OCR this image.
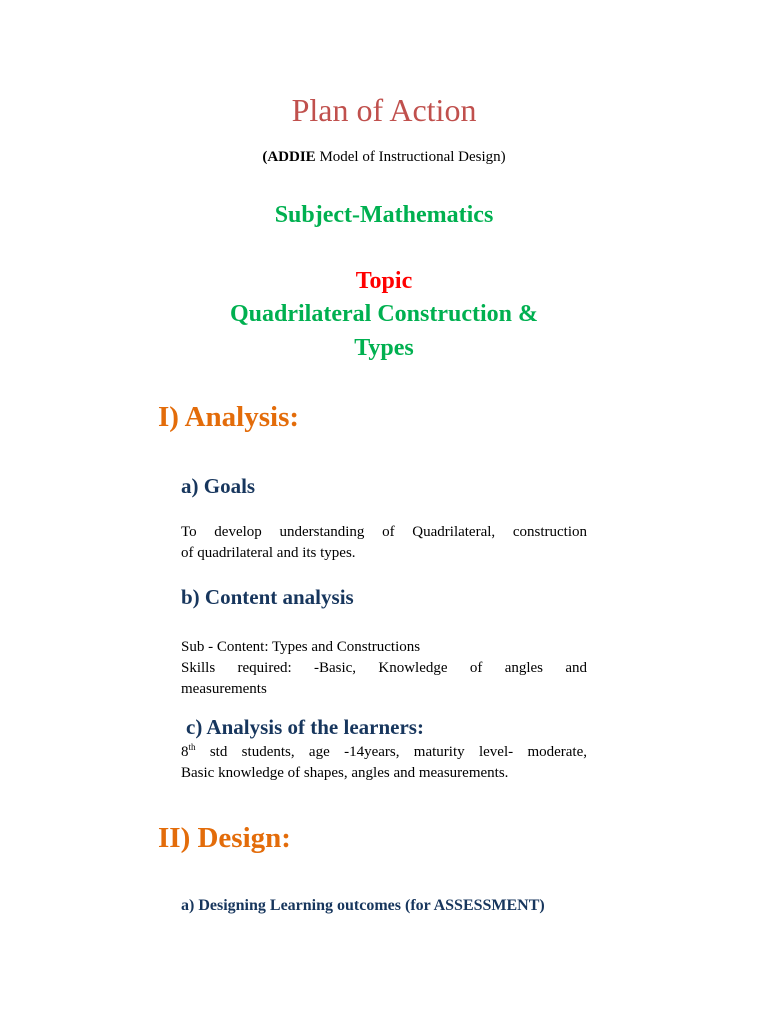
Plan of Action
(ADDIE Model of Instructional Design)
Subject-Mathematics
Topic
Quadrilateral Construction &
Types
I) Analysis:
a) Goals
To develop understanding of Quadrilateral, construction
of quadrilateral and its types.
b) Content analysis
Sub - Content: Types and Constructions
Skills required: -Basic, Knowledge of angles and
measurements
c) Analysis of the learners:
8th std students, age -14years, maturity level- moderate,
Basic knowledge of shapes, angles and measurements.
II) Design:
a) Designing Learning outcomes (for ASSESSMENT)
